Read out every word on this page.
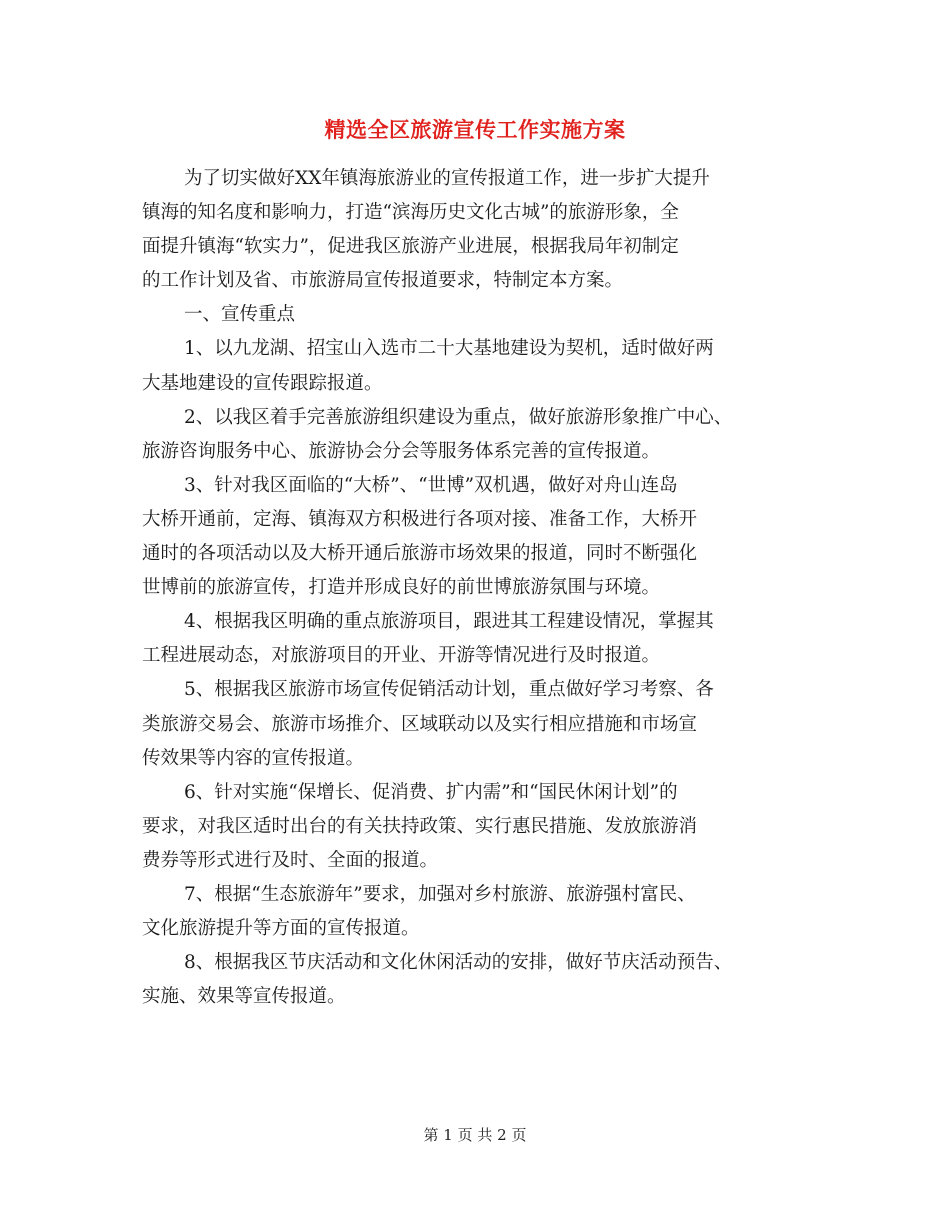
精选全区旅游宣传工作实施方案
为了切实做好XX年镇海旅游业的宣传报道工作，进一步扩大提升
镇海的知名度和影响力，打造“滨海历史文化古城”的旅游形象，全
面提升镇海“软实力”，促进我区旅游产业进展，根据我局年初制定
的工作计划及省、市旅游局宣传报道要求，特制定本方案。
一、宣传重点
1、以九龙湖、招宝山入选市二十大基地建设为契机，适时做好两
大基地建设的宣传跟踪报道。
2、以我区着手完善旅游组织建设为重点，做好旅游形象推广中心、
旅游咨询服务中心、旅游协会分会等服务体系完善的宣传报道。
3、针对我区面临的“大桥”、“世博”双机遇，做好对舟山连岛
大桥开通前，定海、镇海双方积极进行各项对接、准备工作，大桥开
通时的各项活动以及大桥开通后旅游市场效果的报道，同时不断强化
世博前的旅游宣传，打造并形成良好的前世博旅游氛围与环境。
4、根据我区明确的重点旅游项目，跟进其工程建设情况，掌握其
工程进展动态，对旅游项目的开业、开游等情况进行及时报道。
5、根据我区旅游市场宣传促销活动计划，重点做好学习考察、各
类旅游交易会、旅游市场推介、区域联动以及实行相应措施和市场宣
传效果等内容的宣传报道。
6、针对实施“保增长、促消费、扩内需”和“国民休闲计划”的
要求，对我区适时出台的有关扶持政策、实行惠民措施、发放旅游消
费券等形式进行及时、全面的报道。
7、根据“生态旅游年”要求，加强对乡村旅游、旅游强村富民、
文化旅游提升等方面的宣传报道。
8、根据我区节庆活动和文化休闲活动的安排，做好节庆活动预告、
实施、效果等宣传报道。
第 1 页 共 2 页
